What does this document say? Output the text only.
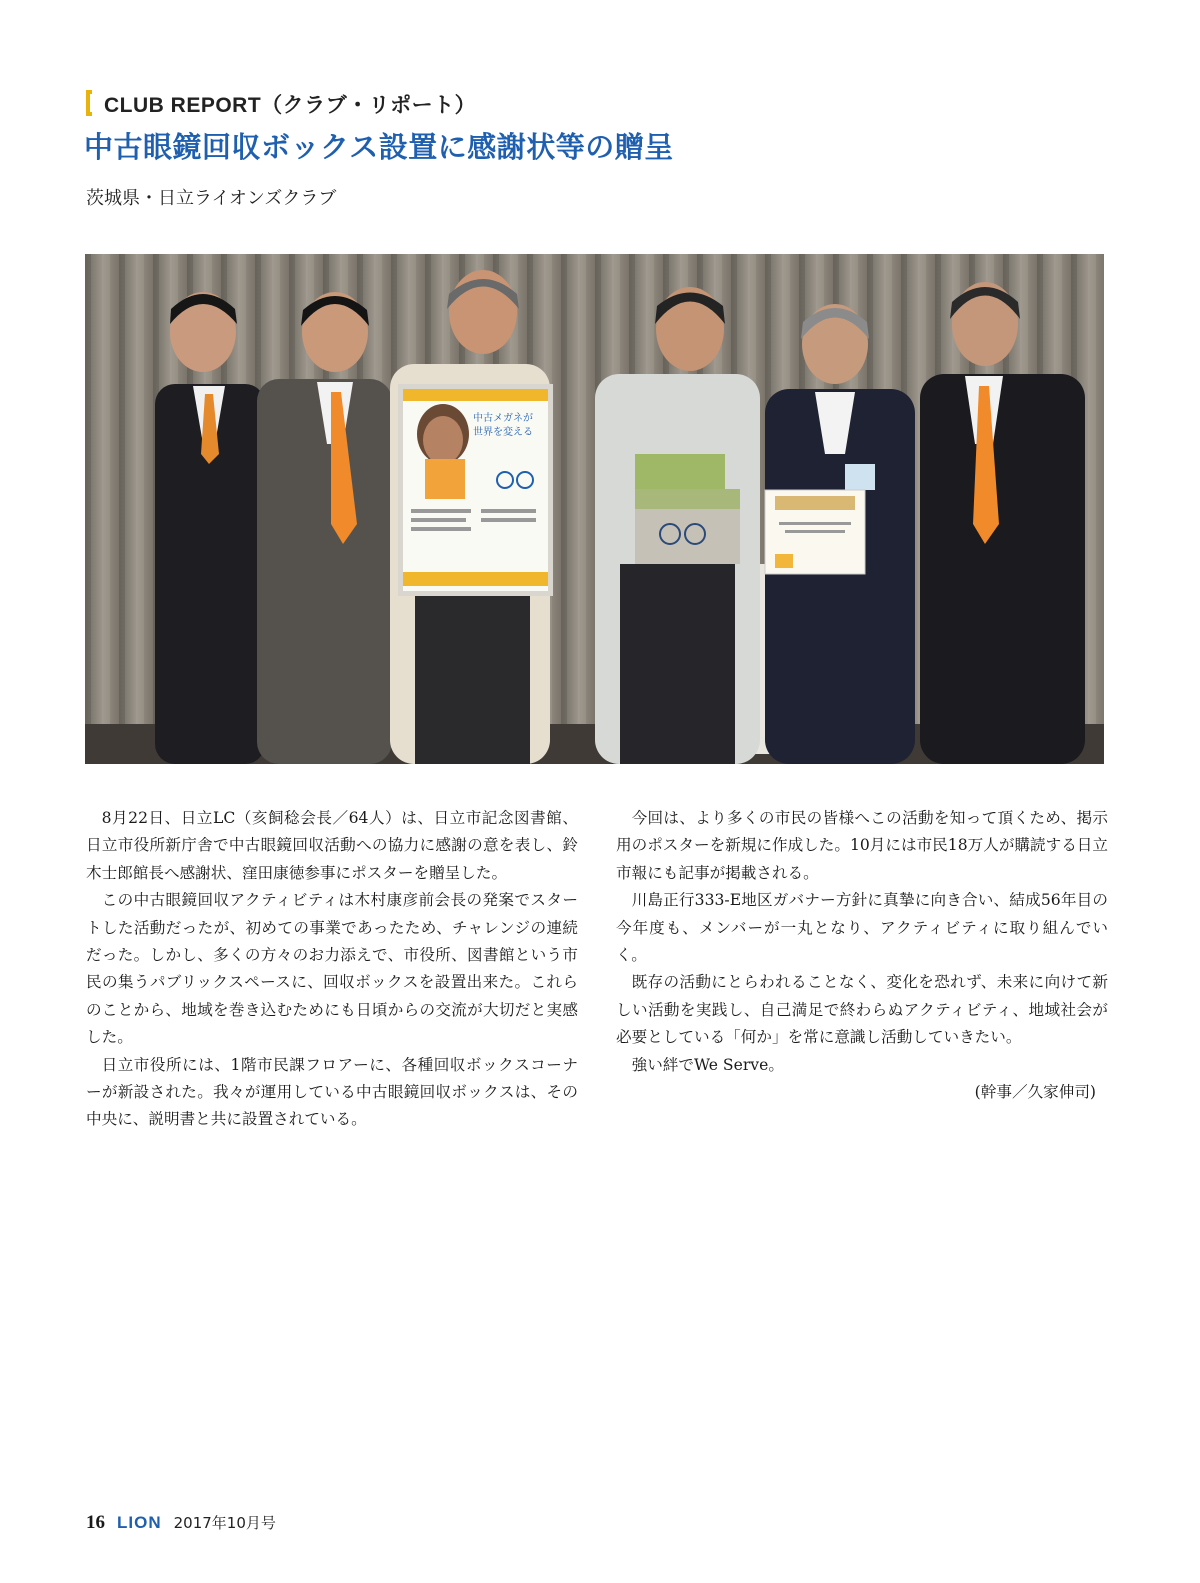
CLUB REPORT（クラブ・リポート）
中古眼鏡回収ボックス設置に感謝状等の贈呈
茨城県・日立ライオンズクラブ
中古メガネが
世界を変える

8月22日、日立LC（亥飼稔会長／64人）は、日立市記念図書館、日立市役所新庁舎で中古眼鏡回収活動への協力に感謝の意を表し、鈴木士郎館長へ感謝状、窪田康徳参事にポスターを贈呈した。

この中古眼鏡回収アクティビティは木村康彦前会長の発案でスタートした活動だったが、初めての事業であったため、チャレンジの連続だった。しかし、多くの方々のお力添えで、市役所、図書館という市民の集うパブリックスペースに、回収ボックスを設置出来た。これらのことから、地域を巻き込むためにも日頃からの交流が大切だと実感した。

日立市役所には、1階市民課フロアーに、各種回収ボックスコーナーが新設された。我々が運用している中古眼鏡回収ボックスは、その中央に、説明書と共に設置されている。

今回は、より多くの市民の皆様へこの活動を知って頂くため、掲示用のポスターを新規に作成した。10月には市民18万人が購読する日立市報にも記事が掲載される。

川島正行333-E地区ガバナー方針に真摯に向き合い、結成56年目の今年度も、メンバーが一丸となり、アクティビティに取り組んでいく。

既存の活動にとらわれることなく、変化を恐れず、未来に向けて新しい活動を実践し、自己満足で終わらぬアクティビティ、地域社会が必要としている「何か」を常に意識し活動していきたい。

強い絆でWe Serve。

(幹事／久家伸司)

16 LION 2017年10月号
